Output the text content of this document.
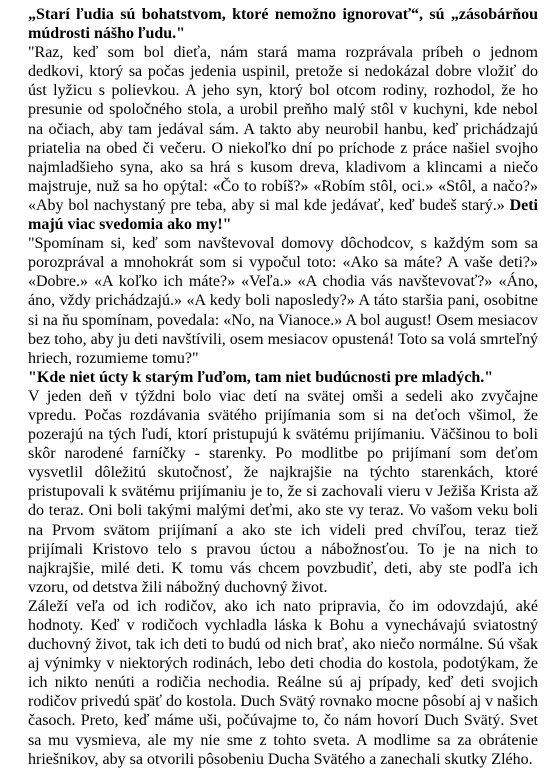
„Starí ľudia sú bohatstvom, ktoré nemožno ignorovať“, sú „zásobárňou múdrosti nášho ľudu."

"Raz, keď som bol dieťa, nám stará mama rozprávala príbeh o jednom dedkovi, ktorý sa počas jedenia uspinil, pretože si nedokázal dobre vložiť do úst lyžicu s polievkou. A jeho syn, ktorý bol otcom rodiny, rozhodol, že ho presunie od spoločného stola, a urobil preňho malý stôl v kuchyni, kde nebol na očiach, aby tam jedával sám. A takto aby neurobil hanbu, keď prichádzajú priatelia na obed či večeru. O niekoľko dní po príchode z práce našiel svojho najmladšieho syna, ako sa hrá s kusom dreva, kladivom a klincami a niečo majstruje, nuž sa ho opýtal: «Čo to robíš?» «Robím stôl, oci.» «Stôl, a načo?» «Aby bol nachystaný pre teba, aby si mal kde jedávať, keď budeš starý.» Deti majú viac svedomia ako my!"

"Spomínam si, keď som navštevoval domovy dôchodcov, s každým som sa porozprával a mnohokrát som si vypočul toto: «Ako sa máte? A vaše deti?» «Dobre.» «A koľko ich máte?» «Veľa.» «A chodia vás navštevovať?» «Áno, áno, vždy prichádzajú.» «A kedy boli naposledy?» A táto staršia pani, osobitne si na ňu spomínam, povedala: «No, na Vianoce.» A bol august! Osem mesiacov bez toho, aby ju deti navštívili, osem mesiacov opustená! Toto sa volá smrteľný hriech, rozumieme tomu?"

"Kde niet úcty k starým ľuďom, tam niet budúcnosti pre mladých."

V jeden deň v týždni bolo viac detí na svätej omši a sedeli ako zvyčajne vpredu. Počas rozdávania svätého prijímania som si na deťoch všimol, že pozerajú na tých ľudí, ktorí pristupujú k svätému prijímaniu. Väčšinou to boli skôr narodené farníčky - starenky. Po modlitbe po prijímaní som deťom vysvetlil dôležitú skutočnosť, že najkrajšie na týchto starenkách, ktoré pristupovali k svätému prijímaniu je to, že si zachovali vieru v Ježiša Krista až do teraz. Oni boli takými malými deťmi, ako ste vy teraz. Vo vašom veku boli na Prvom svätom prijímaní a ako ste ich videli pred chvíľou, teraz tiež prijímali Kristovo telo s pravou úctou a nábožnosťou. To je na nich to najkrajšie, milé deti. K tomu vás chcem povzbudiť, deti, aby ste podľa ich vzoru, od detstva žili nábožný duchovný život.

Záleží veľa od ich rodičov, ako ich nato pripravia, čo im odovzdajú, aké hodnoty. Keď v rodičoch vychladla láska k Bohu a vynechávajú sviatostný duchovný život, tak ich deti to budú od nich brať, ako niečo normálne. Sú však aj výnimky v niektorých rodinách, lebo deti chodia do kostola, podotýkam, že ich nikto nenúti a rodičia nechodia. Reálne sú aj prípady, keď deti svojich rodičov privedú späť do kostola. Duch Svätý rovnako mocne pôsobí aj v našich časoch. Preto, keď máme uši, počúvajme to, čo nám hovorí Duch Svätý. Svet sa mu vysmieva, ale my nie sme z tohto sveta. A modlime sa za obrátenie hriešnikov, aby sa otvorili pôsobeniu Ducha Svätého a zanechali skutky Zlého.
